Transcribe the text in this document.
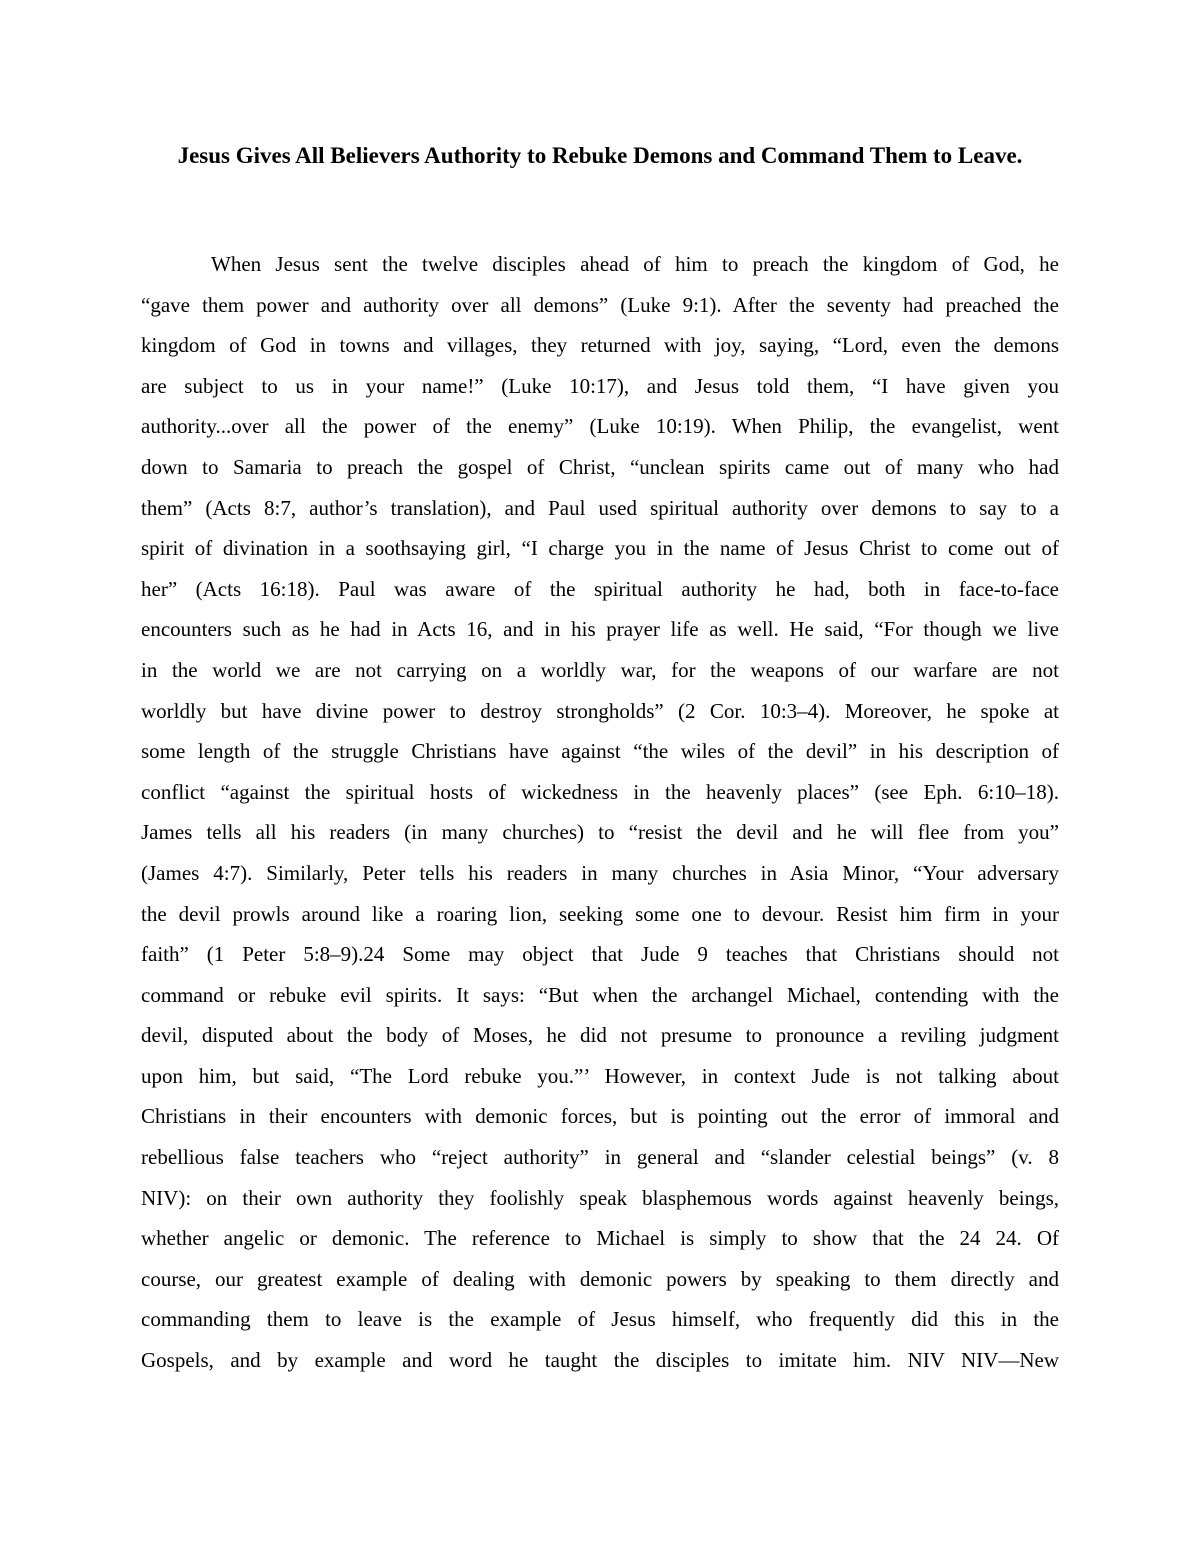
Jesus Gives All Believers Authority to Rebuke Demons and Command Them to Leave.
When Jesus sent the twelve disciples ahead of him to preach the kingdom of God, he
“gave them power and authority over all demons” (Luke 9:1). After the seventy had preached the
kingdom of God in towns and villages, they returned with joy, saying, “Lord, even the demons
are subject to us in your name!” (Luke 10:17), and Jesus told them, “I have given you
authority...over all the power of the enemy” (Luke 10:19). When Philip, the evangelist, went
down to Samaria to preach the gospel of Christ, “unclean spirits came out of many who had
them” (Acts 8:7, author’s translation), and Paul used spiritual authority over demons to say to a
spirit of divination in a soothsaying girl, “I charge you in the name of Jesus Christ to come out of
her” (Acts 16:18). Paul was aware of the spiritual authority he had, both in face-to-face
encounters such as he had in Acts 16, and in his prayer life as well. He said, “For though we live
in the world we are not carrying on a worldly war, for the weapons of our warfare are not
worldly but have divine power to destroy strongholds” (2 Cor. 10:3–4). Moreover, he spoke at
some length of the struggle Christians have against “the wiles of the devil” in his description of
conflict “against the spiritual hosts of wickedness in the heavenly places” (see Eph. 6:10–18).
James tells all his readers (in many churches) to “resist the devil and he will flee from you”
(James 4:7). Similarly, Peter tells his readers in many churches in Asia Minor, “Your adversary
the devil prowls around like a roaring lion, seeking some one to devour. Resist him firm in your
faith” (1 Peter 5:8–9).24 Some may object that Jude 9 teaches that Christians should not
command or rebuke evil spirits. It says: “But when the archangel Michael, contending with the
devil, disputed about the body of Moses, he did not presume to pronounce a reviling judgment
upon him, but said, “The Lord rebuke you.”’ However, in context Jude is not talking about
Christians in their encounters with demonic forces, but is pointing out the error of immoral and
rebellious false teachers who “reject authority” in general and “slander celestial beings” (v. 8
NIV): on their own authority they foolishly speak blasphemous words against heavenly beings,
whether angelic or demonic. The reference to Michael is simply to show that the 24 24. Of
course, our greatest example of dealing with demonic powers by speaking to them directly and
commanding them to leave is the example of Jesus himself, who frequently did this in the
Gospels, and by example and word he taught the disciples to imitate him. NIV NIV—New
